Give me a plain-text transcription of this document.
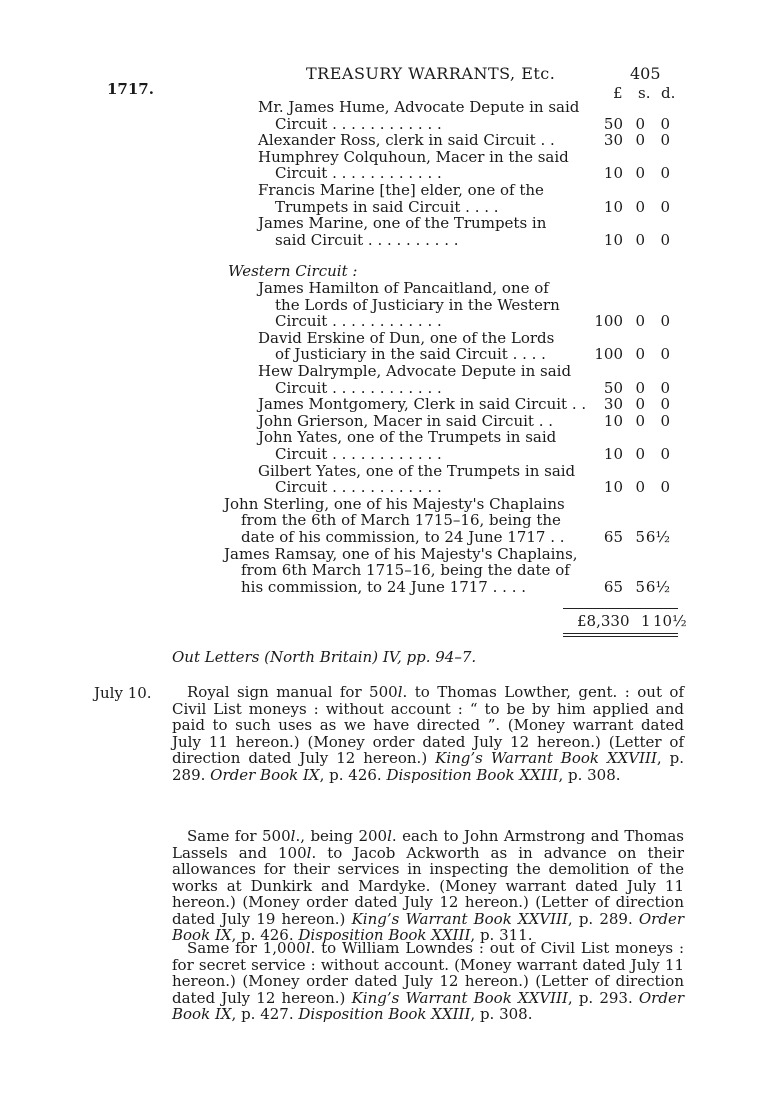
1717.
TREASURY WARRANTS, Etc.	405
£ s. d.
Mr. James Hume, Advocate Depute in said
Circuit . . . . . . . . . . . .	50 0 0
Alexander Ross, clerk in said Circuit . .	30 0 0
Humphrey Colquhoun, Macer in the said
Circuit . . . . . . . . . . . .	10 0 0
Francis Marine [the] elder, one of the
Trumpets in said Circuit . . . .	10 0 0
James Marine, one of the Trumpets in
said Circuit . . . . . . . . . .	10 0 0
Western Circuit :
James Hamilton of Pancaitland, one of
the Lords of Justiciary in the Western
Circuit . . . . . . . . . . . .	100 0 0
David Erskine of Dun, one of the Lords
of Justiciary in the said Circuit . . . .	100 0 0
Hew Dalrymple, Advocate Depute in said
Circuit . . . . . . . . . . . .	50 0 0
James Montgomery, Clerk in said Circuit . . 30 0 0
John Grierson, Macer in said Circuit . .	10 0 0
John Yates, one of the Trumpets in said
Circuit . . . . . . . . . . . .	10 0 0
Gilbert Yates, one of the Trumpets in said
Circuit . . . . . . . . . . . .	10 0 0
John Sterling, one of his Majesty's Chaplains
from the 6th of March 1715–16, being the
date of his commission, to 24 June 1717 . .	65 5 6½
James Ramsay, one of his Majesty's Chaplains,
from 6th March 1715–16, being the date of
his commission, to 24 June 1717 . . . .	65 5 6½
£8,330 1 10½
Out Letters (North Britain) IV, pp. 94–7.
July 10.  Royal sign manual for 500l. to Thomas Lowther, gent. : out of Civil List moneys : without account : “ to be by him applied and paid to such uses as we have directed ”. (Money warrant dated July 11 hereon.) (Money order dated July 12 hereon.) (Letter of direction dated July 12 hereon.) King’s Warrant Book XXVIII, p. 289. Order Book IX, p. 426. Disposition Book XXIII, p. 308.
 Same for 500l., being 200l. each to John Armstrong and Thomas Lassels and 100l. to Jacob Ackworth as in advance on their allowances for their services in inspecting the demolition of the works at Dunkirk and Mardyke. (Money warrant dated July 11 hereon.) (Money order dated July 12 hereon.) (Letter of direction dated July 19 hereon.) King’s Warrant Book XXVIII, p. 289. Order Book IX, p. 426. Disposition Book XXIII, p. 311.
 Same for 1,000l. to William Lowndes : out of Civil List moneys : for secret service : without account. (Money warrant dated July 11 hereon.) (Money order dated July 12 hereon.) (Letter of direction dated July 12 hereon.) King’s Warrant Book XXVIII, p. 293. Order Book IX, p. 427. Disposition Book XXIII, p. 308.
